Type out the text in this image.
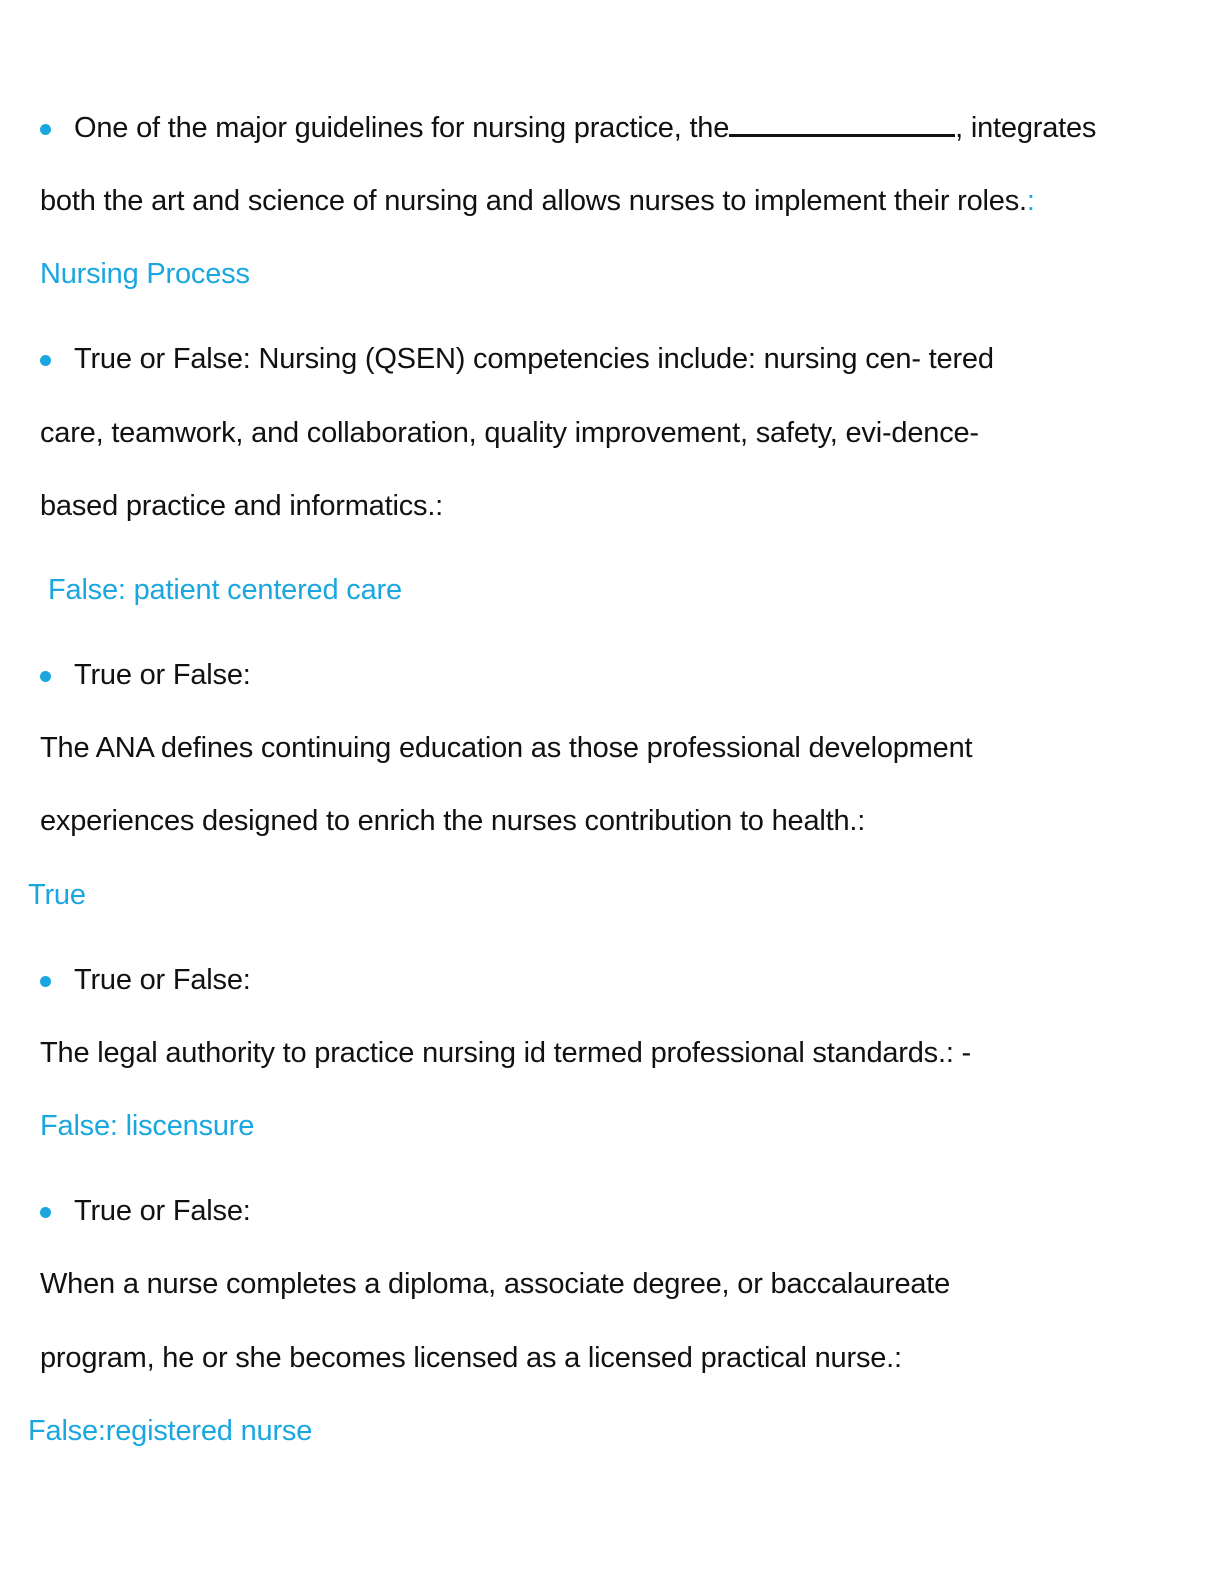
One of the major guidelines for nursing practice, the	, integrates
both the art and science of nursing and allows nurses to implement their roles.:
Nursing Process
True or False: Nursing (QSEN) competencies include: nursing cen- tered
care, teamwork, and collaboration, quality improvement, safety, evi-dence-
based practice and informatics.:
False: patient centered care
True or False:
The ANA defines continuing education as those professional development
experiences designed to enrich the nurses contribution to health.:
True
True or False:
The legal authority to practice nursing id termed professional standards.: -
False: liscensure
True or False:
When a nurse completes a diploma, associate degree, or baccalaureate
program, he or she becomes licensed as a licensed practical nurse.:
False:registered nurse
